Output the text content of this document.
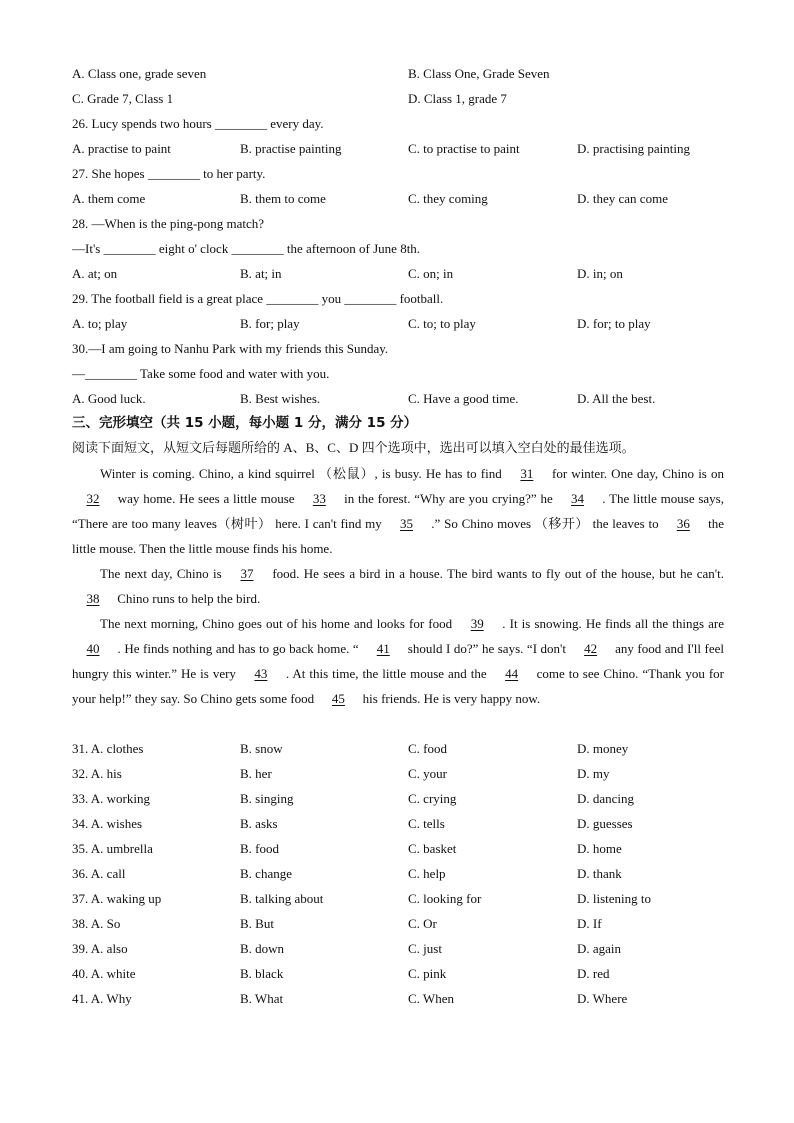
A. Class one, grade seven	B. Class One, Grade Seven
C. Grade 7, Class 1	D. Class 1, grade 7
26. Lucy spends two hours ________ every day.
A. practise to paint	B. practise painting	C. to practise to paint	D. practising painting
27. She hopes ________ to her party.
A. them come	B. them to come	C. they coming	D. they can come
28. —When is the ping-pong match?
—It's ________ eight o' clock ________ the afternoon of June 8th.
A. at; on	B. at; in	C. on; in	D. in; on
29. The football field is a great place ________ you ________ football.
A. to; play	B. for; play	C. to; to play	D. for; to play
30.—I am going to Nanhu Park with my friends this Sunday.
—________ Take some food and water with you.
A. Good luck.	B. Best wishes.	C. Have a good time.	D. All the best.
三、完形填空（共 15 小题，每小题 1 分，满分 15 分）
阅读下面短文，从短文后每题所给的 A、B、C、D 四个选项中，选出可以填入空白处的最佳选项。
Winter is coming. Chino, a kind squirrel （松鼠）, is busy. He has to find 31 for winter. One day, Chino is on 32 way home. He sees a little mouse 33 in the forest. “Why are you crying?” he 34 . The little mouse says, “There are too many leaves（树叶） here. I can't find my 35 .” So Chino moves （移开） the leaves to 36 the little mouse. Then the little mouse finds his home.
The next day, Chino is 37 food. He sees a bird in a house. The bird wants to fly out of the house, but he can't. 38 Chino runs to help the bird.
The next morning, Chino goes out of his home and looks for food 39 . It is snowing. He finds all the things are 40 . He finds nothing and has to go back home. “ 41 should I do?” he says. “I don't 42 any food and I'll feel hungry this winter.” He is very 43 . At this time, the little mouse and the 44 come to see Chino. “Thank you for your help!” they say. So Chino gets some food 45 his friends. He is very happy now.
31. A. clothes	B. snow	C. food	D. money
32. A. his	B. her	C. your	D. my
33. A. working	B. singing	C. crying	D. dancing
34. A. wishes	B. asks	C. tells	D. guesses
35. A. umbrella	B. food	C. basket	D. home
36. A. call	B. change	C. help	D. thank
37. A. waking up	B. talking about	C. looking for	D. listening to
38. A. So	B. But	C. Or	D. If
39. A. also	B. down	C. just	D. again
40. A. white	B. black	C. pink	D. red
41. A. Why	B. What	C. When	D. Where
